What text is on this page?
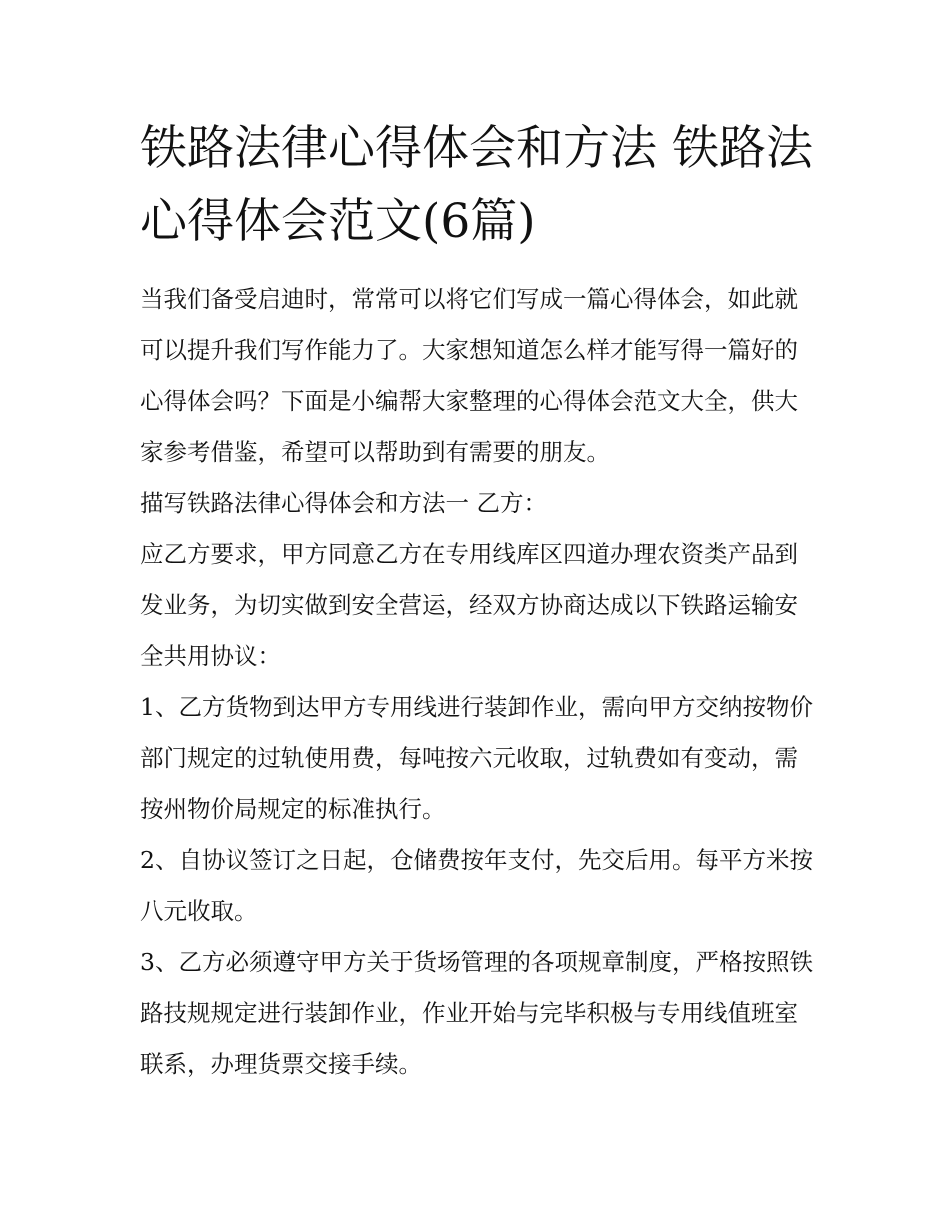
铁路法律心得体会和方法 铁路法心得体会范文(6篇)

当我们备受启迪时，常常可以将它们写成一篇心得体会，如此就可以提升我们写作能力了。大家想知道怎么样才能写得一篇好的心得体会吗？下面是小编帮大家整理的心得体会范文大全，供大家参考借鉴，希望可以帮助到有需要的朋友。

描写铁路法律心得体会和方法一 乙方：

应乙方要求，甲方同意乙方在专用线库区四道办理农资类产品到发业务，为切实做到安全营运，经双方协商达成以下铁路运输安全共用协议：

1、乙方货物到达甲方专用线进行装卸作业，需向甲方交纳按物价部门规定的过轨使用费，每吨按六元收取，过轨费如有变动，需按州物价局规定的标准执行。

2、自协议签订之日起，仓储费按年支付，先交后用。每平方米按八元收取。

3、乙方必须遵守甲方关于货场管理的各项规章制度，严格按照铁路技规规定进行装卸作业，作业开始与完毕积极与专用线值班室联系，办理货票交接手续。
